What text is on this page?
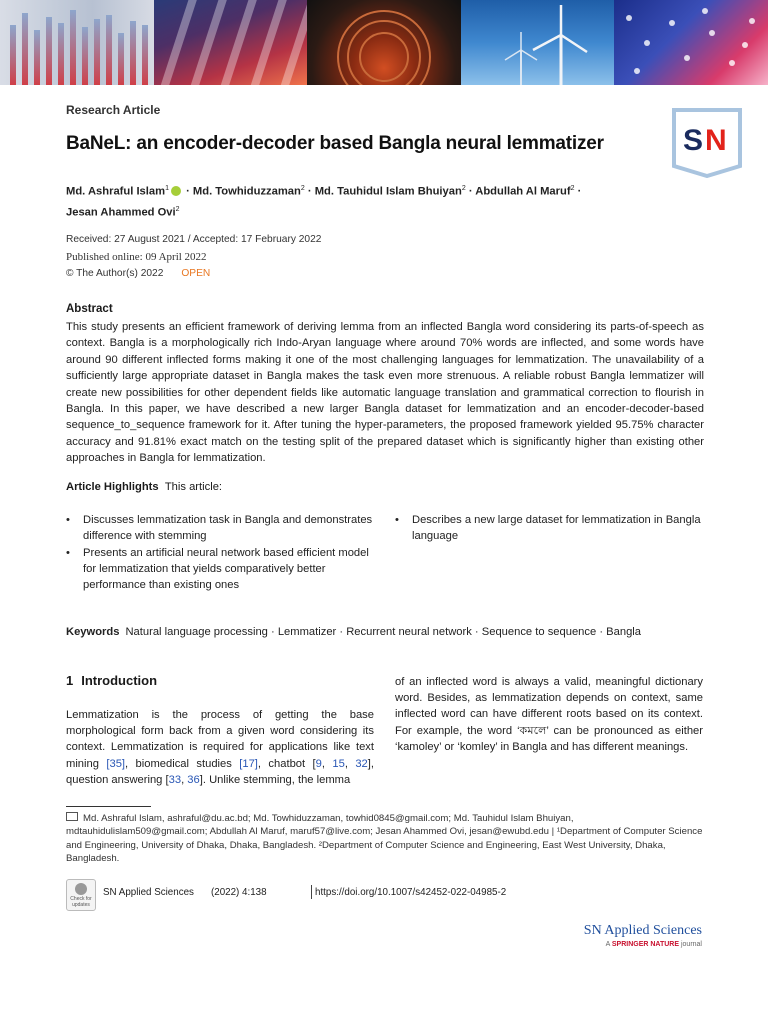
Research Article
BaNeL: an encoder-decoder based Bangla neural lemmatizer	S N
Md. Ashraful Islam$^1$ · Md. Towhiduzzaman$^2$ · Md. Tauhidul Islam Bhuiyan$^2$ · Abdullah Al Maruf$^2$ ·
Jesan Ahammed Ovi$^2$
Received: 27 August 2021 / Accepted: 17 February 2022
Published online: 09 April 2022
© The Author(s) 2022 OPEN
Abstract
This study presents an efficient framework of deriving lemma from an inflected Bangla word considering its parts-of-speech as context. Bangla is a morphologically rich Indo-Aryan language where around 70% words are inflected, and some words have around 90 different inflected forms making it one of the most challenging languages for lemmatization. The unavailability of a sufficiently large appropriate dataset in Bangla makes the task even more strenuous. A reliable robust Bangla lemmatizer will create new possibilities for other dependent fields like automatic language translation and grammatical correction to flourish in Bangla. In this paper, we have described a new larger Bangla dataset for lemmatization and an encoder-decoder-based sequence_to_sequence framework for it. After tuning the hyper-parameters, the proposed framework yielded 95.75% character accuracy and 91.81% exact match on the testing split of the prepared dataset which is significantly higher than existing other approaches in Bangla for lemmatization.
Article Highlights This article:
• Discusses lemmatization task in Bangla and demonstrates difference with stemming
• Presents an artificial neural network based efficient model for lemmatization that yields comparatively better performance than existing ones
• Describes a new large dataset for lemmatization in Bangla language
Keywords Natural language processing · Lemmatizer · Recurrent neural network · Sequence to sequence · Bangla
1 Introduction
Lemmatization is the process of getting the base morphological form back from a given word considering its context. Lemmatization is required for applications like text mining [35], biomedical studies [17], chatbot [9, 15, 32], question answering [33, 36]. Unlike stemming, the lemma
of an inflected word is always a valid, meaningful dictionary word. Besides, as lemmatization depends on context, same inflected word can have different roots based on its context. For example, the word ‘কমলে’ can be pronounced as either ‘kamoley’ or ‘komley’ in Bangla and has different meanings.
Md. Ashraful Islam, ashraful@du.ac.bd; Md. Towhiduzzaman, towhid0845@gmail.com; Md. Tauhidul Islam Bhuiyan, mdtauhidulislam509@gmail.com; Abdullah Al Maruf, maruf57@live.com; Jesan Ahammed Ovi, jesan@ewubd.edu | ¹Department of Computer Science and Engineering, University of Dhaka, Dhaka, Bangladesh. ²Department of Computer Science and Engineering, East West University, Dhaka, Bangladesh.
Check for updates
SN Applied Sciences (2022) 4:138	https://doi.org/10.1007/s42452-022-04985-2
SN Applied Sciences
A SPRINGER NATURE journal
